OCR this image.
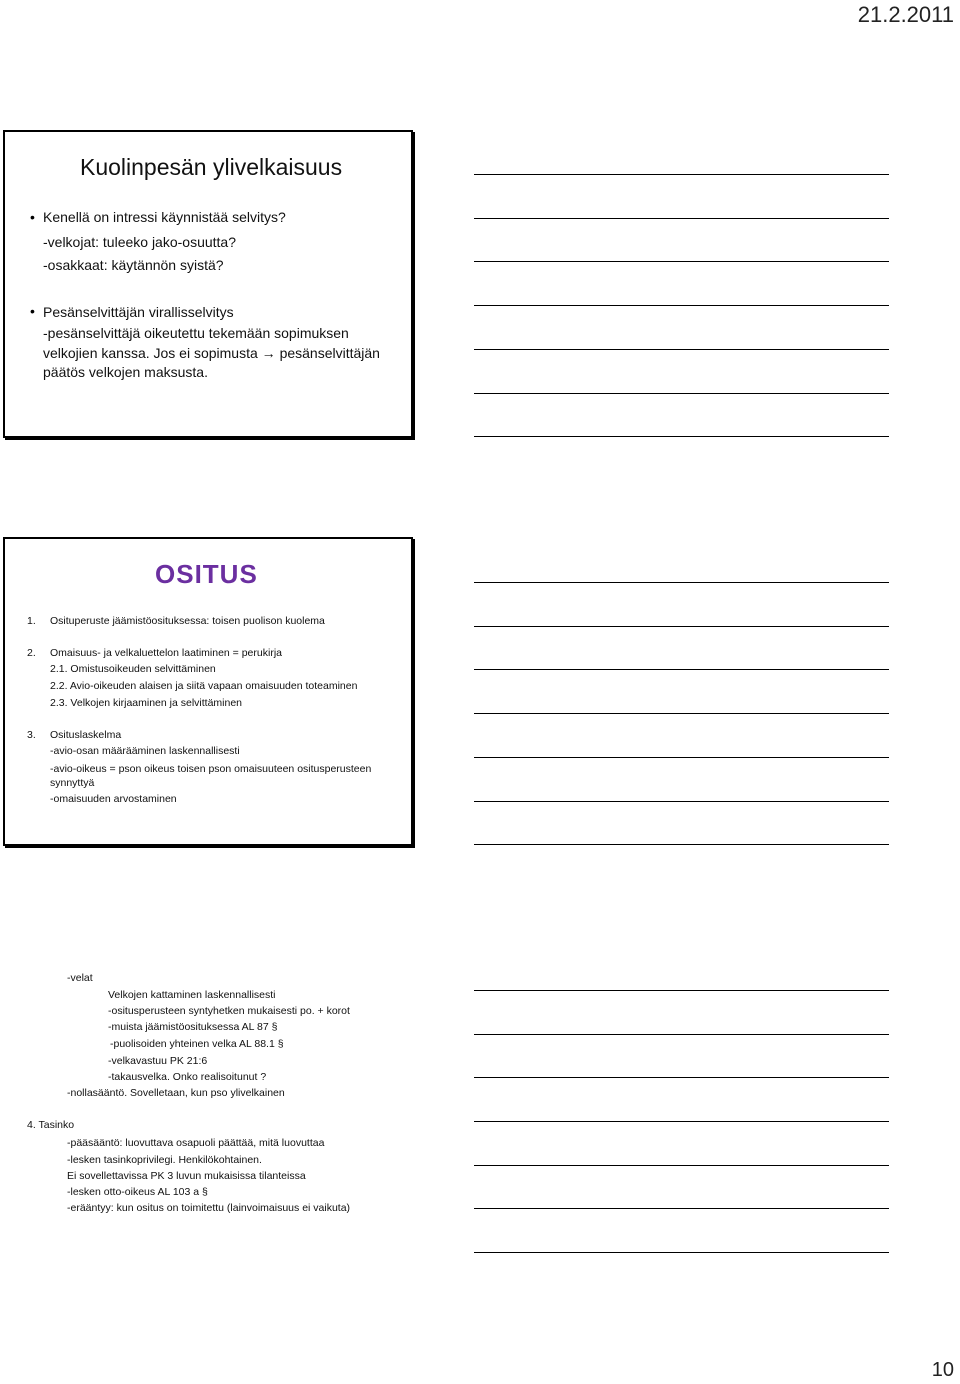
21.2.2011
Kuolinpesän ylivelkaisuus
• Kenellä on intressi käynnistää selvitys?
-velkojat: tuleeko jako-osuutta?
-osakkaat: käytännön syistä?
• Pesänselvittäjän virallisselvitys
-pesänselvittäjä oikeutettu tekemään sopimuksen
velkojien kanssa. Jos ei sopimusta → pesänselvittäjän
päätös velkojen maksusta.
OSITUS
1. Osituperuste jäämistöosituksessa: toisen puolison kuolema
2. Omaisuus- ja velkaluettelon laatiminen = perukirja
2.1. Omistusoikeuden selvittäminen
2.2. Avio-oikeuden alaisen ja siitä vapaan omaisuuden toteaminen
2.3. Velkojen kirjaaminen ja selvittäminen
3. Osituslaskelma
-avio-osan määrääminen laskennallisesti
-avio-oikeus = pson oikeus toisen pson omaisuuteen ositusperusteen
synnyttyä
-omaisuuden arvostaminen
-velat
Velkojen kattaminen laskennallisesti
-ositusperusteen syntyhetken mukaisesti po. + korot
-muista jäämistöosituksessa AL 87 §
-puolisoiden yhteinen velka AL 88.1 §
-velkavastuu PK 21:6
-takausvelka. Onko realisoitunut ?
-nollasääntö. Sovelletaan, kun pso ylivelkainen
4. Tasinko
-pääsääntö: luovuttava osapuoli päättää, mitä luovuttaa
-lesken tasinkoprivilegi. Henkilökohtainen.
Ei sovellettavissa PK 3 luvun mukaisissa tilanteissa
-lesken otto-oikeus AL 103 a §
-erääntyy: kun ositus on toimitettu (lainvoimaisuus ei vaikuta)
10
